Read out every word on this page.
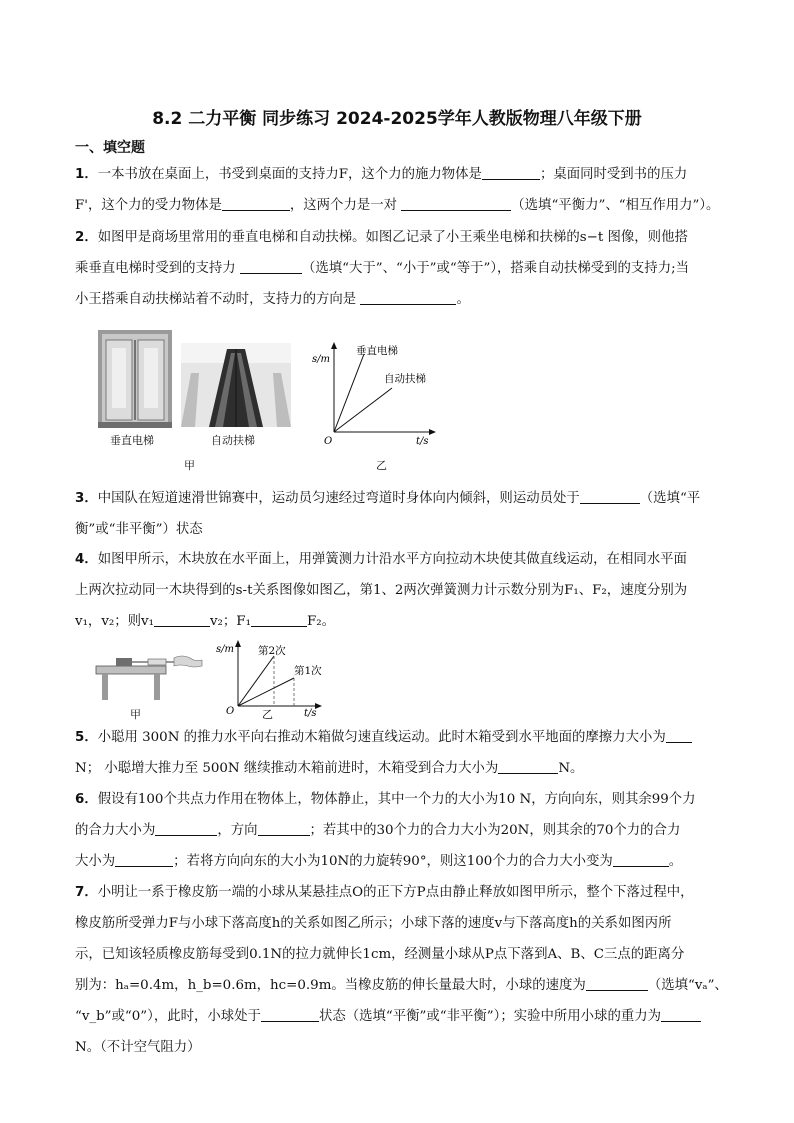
8.2 二力平衡 同步练习 2024-2025学年人教版物理八年级下册
一、填空题
1．一本书放在桌面上，书受到桌面的支持力F，这个力的施力物体是	；桌面同时受到书的压力
F'，这个力的受力物体是	，这两个力是一对	（选填“平衡力”、“相互作用力”）。
2．如图甲是商场里常用的垂直电梯和自动扶梯。如图乙记录了小王乘坐电梯和扶梯的s−t 图像，则他搭
乘垂直电梯时受到的支持力	（选填“大于”、“小于”或“等于”），搭乘自动扶梯受到的支持力;当
小王搭乘自动扶梯站着不动时，支持力的方向是	。
垂直电梯	自动扶梯
甲
s/m
t/s
O
垂直电梯
自动扶梯
乙
3．中国队在短道速滑世锦赛中，运动员匀速经过弯道时身体向内倾斜，则运动员处于	（选填“平
衡”或“非平衡”）状态
4．如图甲所示，木块放在水平面上，用弹簧测力计沿水平方向拉动木块使其做直线运动，在相同水平面
上两次拉动同一木块得到的s-t关系图像如图乙，第1、2两次弹簧测力计示数分别为F₁、F₂，速度分别为
v₁，v₂；则v₁	v₂；F₁	F₂。
甲
s/m
t/s
O
第2次
第1次
乙
5．小聪用 300N 的推力水平向右推动木箱做匀速直线运动。此时木箱受到水平地面的摩擦力大小为
N； 小聪增大推力至 500N 继续推动木箱前进时，木箱受到合力大小为	N。
6．假设有100个共点力作用在物体上，物体静止，其中一个力的大小为10 N，方向向东，则其余99个力
的合力大小为	，方向	；若其中的30个力的合力大小为20N，则其余的70个力的合力
大小为	；若将方向向东的大小为10N的力旋转90°，则这100个力的合力大小变为	。
7．小明让一系于橡皮筋一端的小球从某悬挂点O的正下方P点由静止释放如图甲所示，整个下落过程中，
橡皮筋所受弹力F与小球下落高度h的关系如图乙所示；小球下落的速度v与下落高度h的关系如图丙所
示，已知该轻质橡皮筋每受到0.1N的拉力就伸长1cm，经测量小球从P点下落到A、B、C三点的距离分
别为：hₐ=0.4m，h_b=0.6m，hc=0.9m。当橡皮筋的伸长量最大时，小球的速度为	（选填“vₐ”、
“v_b”或“0”），此时，小球处于	状态（选填“平衡”或“非平衡”）；实验中所用小球的重力为
N。（不计空气阻力）
